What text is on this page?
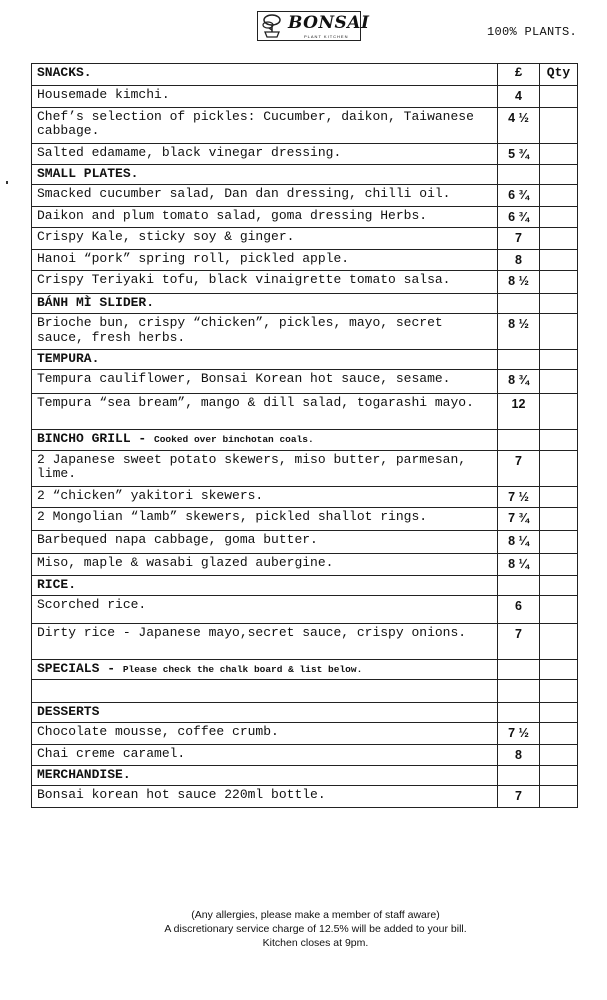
BONSAI
PLANT KITCHEN	100% PLANTS.
SNACKS.	£	Qty
Housemade kimchi.	4	
Chef’s selection of pickles: Cucumber, daikon, Taiwanese cabbage.	4 ½	
Salted edamame, black vinegar dressing.	5 ¾	
SMALL PLATES.		
Smacked cucumber salad, Dan dan dressing, chilli oil.	6 ¾	
Daikon and plum tomato salad, goma dressing Herbs.	6 ¾	
Crispy Kale, sticky soy & ginger.	7	
Hanoi “pork” spring roll, pickled apple.	8	
Crispy Teriyaki tofu, black vinaigrette tomato salsa.	8 ½	
BÁNH MÌ SLIDER.		
Brioche bun, crispy “chicken”, pickles, mayo, secret sauce, fresh herbs.	8 ½	
TEMPURA.		
Tempura cauliflower, Bonsai Korean hot sauce, sesame.	8 ¾	
Tempura “sea bream”, mango & dill salad, togarashi mayo.	12	
BINCHO GRILL - Cooked over binchotan coals.		
2 Japanese sweet potato skewers, miso butter, parmesan, lime.	7	
2 “chicken” yakitori skewers.	7 ½	
2 Mongolian “lamb” skewers, pickled shallot rings.	7 ¾	
Barbequed napa cabbage, goma butter.	8 ¼	
Miso, maple & wasabi glazed aubergine.	8 ¼	
RICE.		
Scorched rice.	6	
Dirty rice - Japanese mayo,secret sauce, crispy onions.	7	
SPECIALS - Please check the chalk board & list below.		

DESSERTS		
Chocolate mousse, coffee crumb.	7 ½	
Chai creme caramel.	8	
MERCHANDISE.		
Bonsai korean hot sauce 220ml bottle.	7	
(Any allergies, please make a member of staff aware)
A discretionary service charge of 12.5% will be added to your bill.
Kitchen closes at 9pm.
